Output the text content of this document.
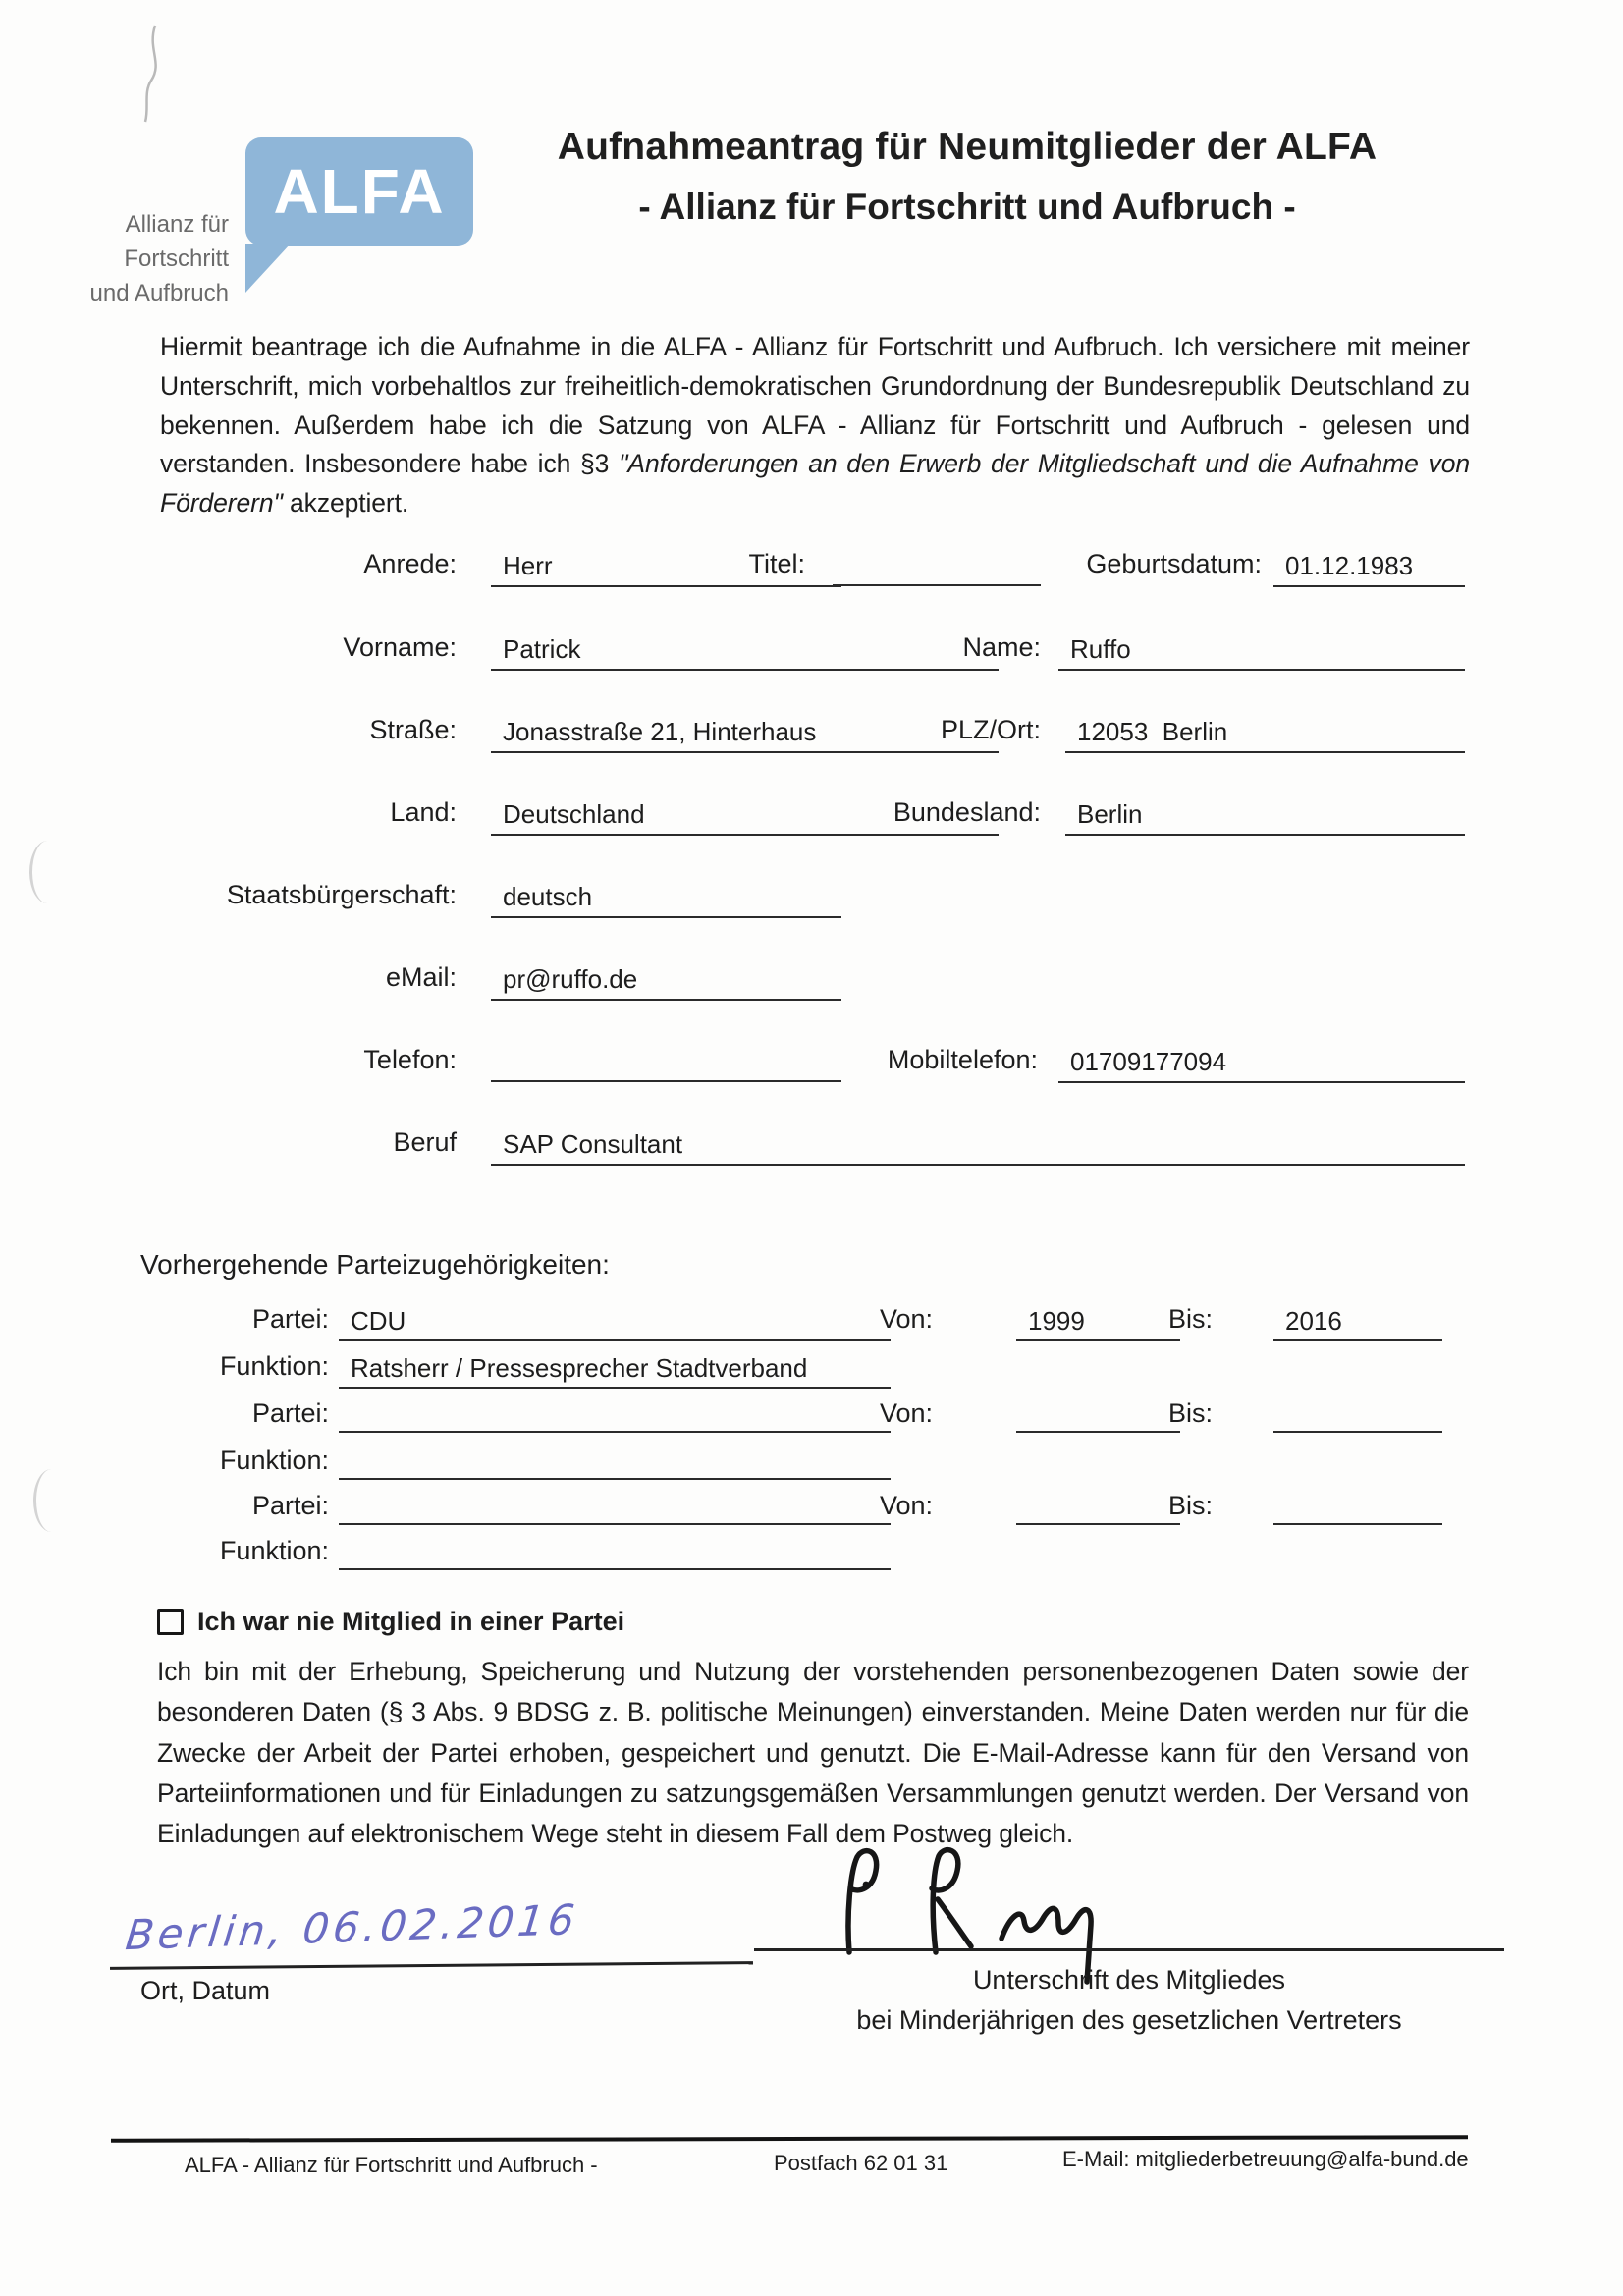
Allianz für
Fortschritt
und Aufbruch
ALFA
Aufnahmeantrag für Neumitglieder der ALFA
- Allianz für Fortschritt und Aufbruch -
Hiermit beantrage ich die Aufnahme in die ALFA - Allianz für Fortschritt und Aufbruch. Ich versichere mit meiner Unterschrift, mich vorbehaltlos zur freiheitlich-demokratischen Grundordnung der Bundesrepublik Deutschland zu bekennen. Außerdem habe ich die Satzung von ALFA - Allianz für Fortschritt und Aufbruch - gelesen und verstanden. Insbesondere habe ich §3 "Anforderungen an den Erwerb der Mitgliedschaft und die Aufnahme von Förderern" akzeptiert.
Anrede:	Herr	Titel:	Geburtsdatum: 01.12.1983
Vorname:	Patrick	Name:	Ruffo
Straße:	Jonasstraße 21, Hinterhaus	PLZ/Ort:	12053  Berlin
Land:	Deutschland	Bundesland:	Berlin
Staatsbürgerschaft:	deutsch
eMail:	pr@ruffo.de
Telefon:	Mobiltelefon:	01709177094
Beruf	SAP Consultant
Vorhergehende Parteizugehörigkeiten:
Partei: CDU	Von:	1999	Bis:	2016
Funktion: Ratsherr / Pressesprecher Stadtverband
Partei:	Von:	Bis:
Funktion:
Partei:	Von:	Bis:
Funktion:
Ich war nie Mitglied in einer Partei
Ich bin mit der Erhebung, Speicherung und Nutzung der vorstehenden personenbezogenen Daten sowie der besonderen Daten (§ 3 Abs. 9 BDSG z. B. politische Meinungen) einverstanden. Meine Daten werden nur für die Zwecke der Arbeit der Partei erhoben, gespeichert und genutzt. Die E-Mail-Adresse kann für den Versand von Parteiinformationen und für Einladungen zu satzungsgemäßen Versammlungen genutzt werden. Der Versand von Einladungen auf elektronischem Wege steht in diesem Fall dem Postweg gleich.
Berlin, 06.02.2016
Ort, Datum	Unterschrift des Mitgliedes
bei Minderjährigen des gesetzlichen Vertreters
ALFA - Allianz für Fortschritt und Aufbruch -	Postfach 62 01 31	E-Mail: mitgliederbetreuung@alfa-bund.de
